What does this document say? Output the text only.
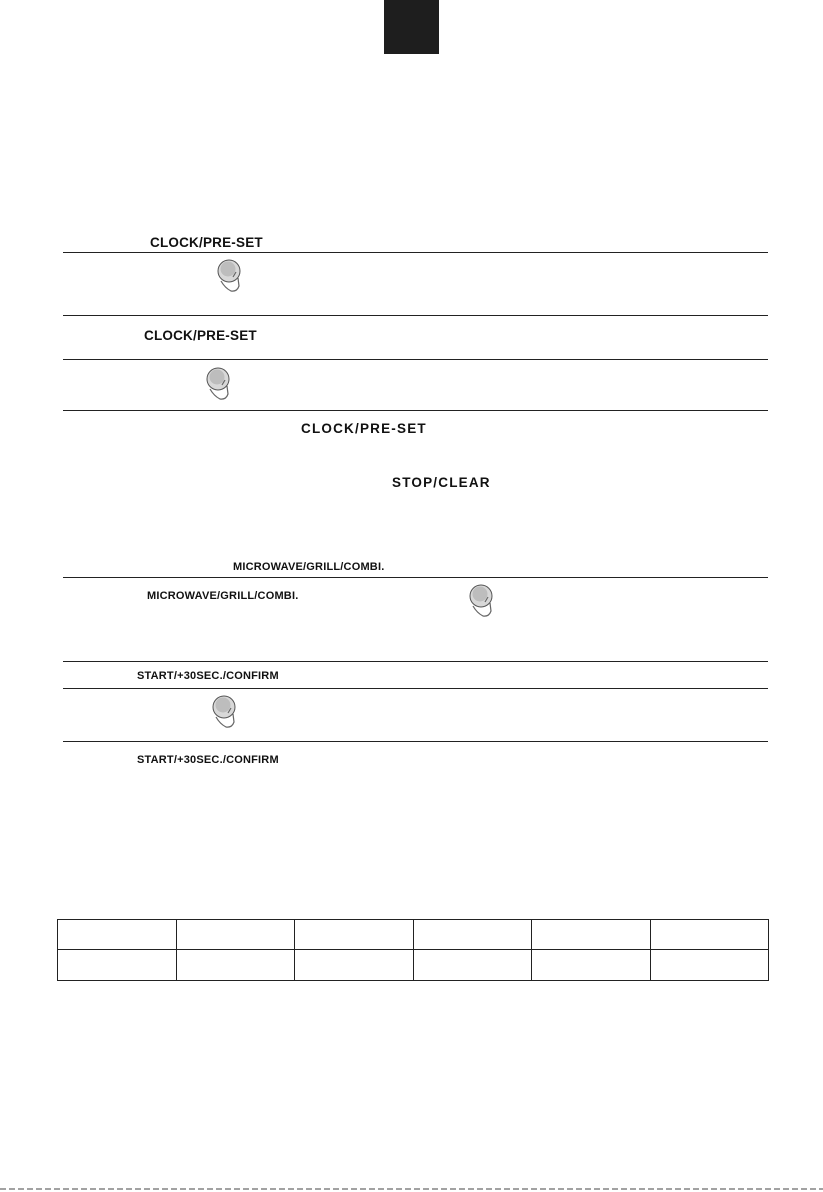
CLOCK/PRE-SET
CLOCK/PRE-SET
CLOCK/PRE-SET
STOP/CLEAR
MICROWAVE/GRILL/COMBI.
MICROWAVE/GRILL/COMBI.
START/+30SEC./CONFIRM
START/+30SEC./CONFIRM
